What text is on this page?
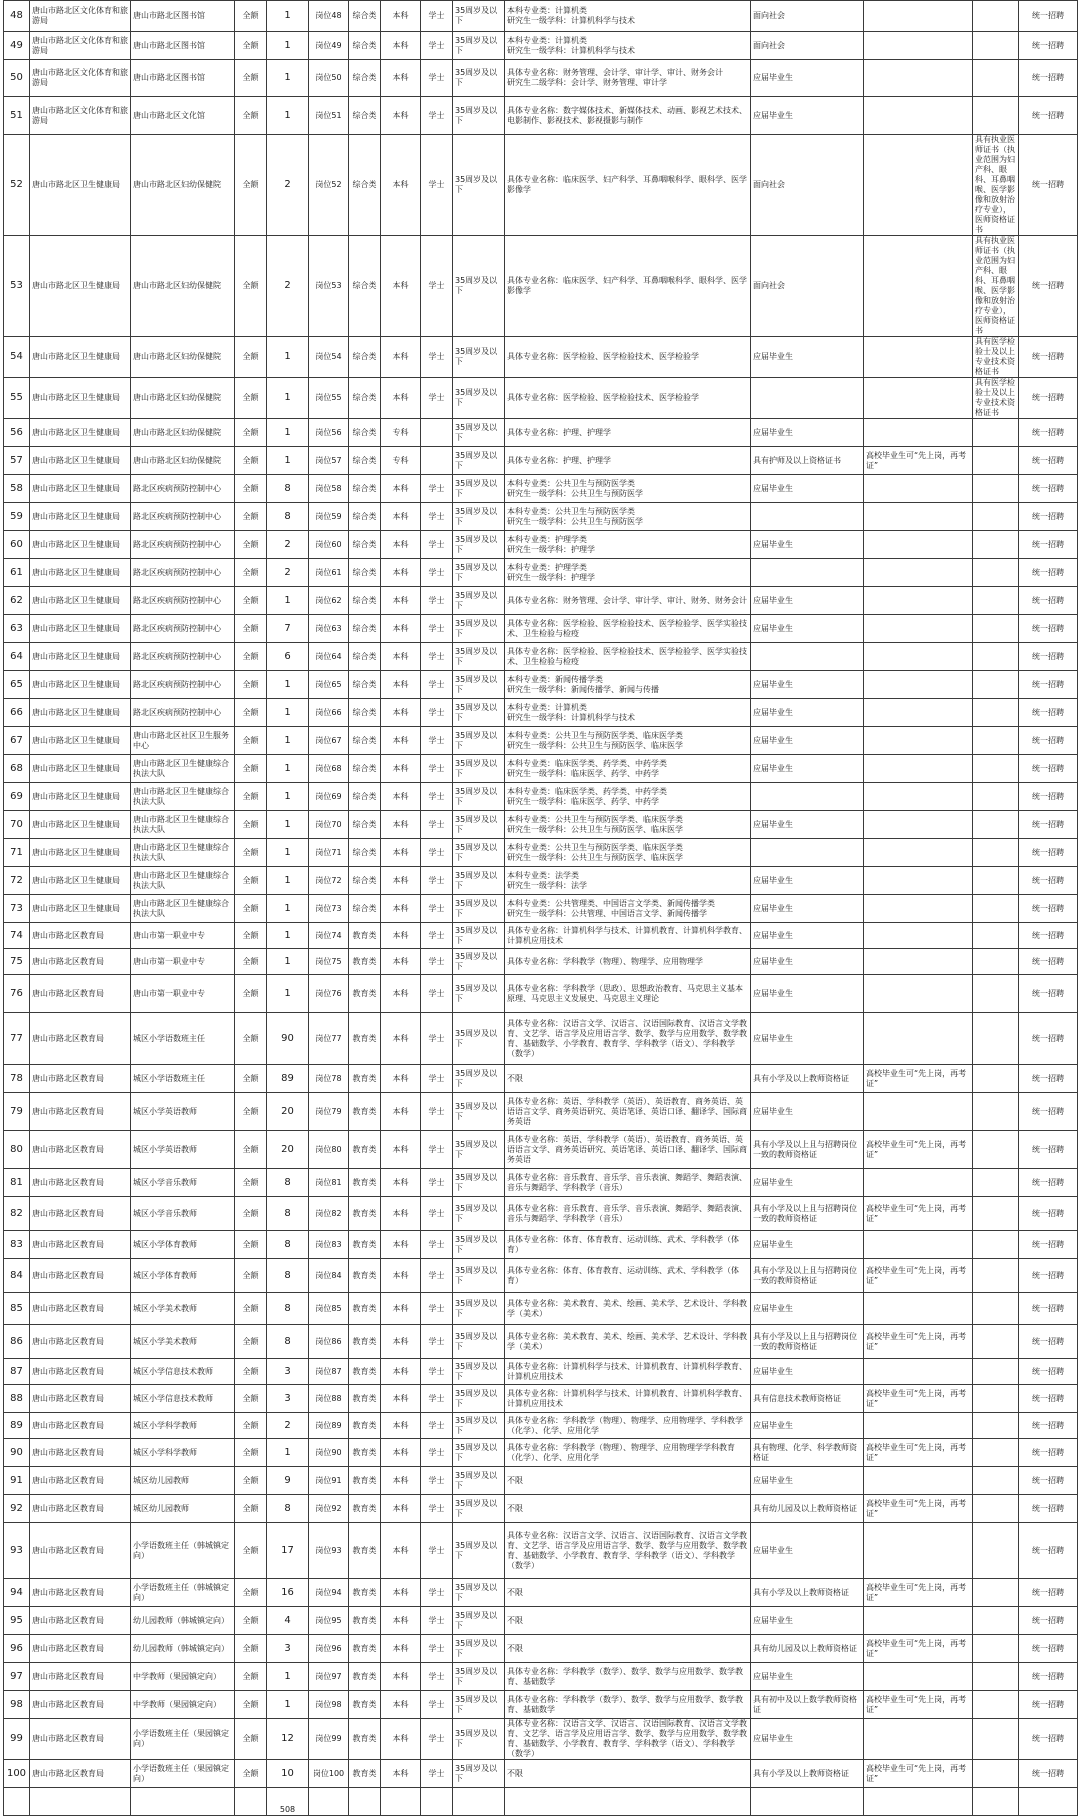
48	唐山市路北区文化体育和旅游局	唐山市路北区图书馆	全额	1	岗位48	综合类	本科	学士	35周岁及以下	本科专业类：计算机类
研究生一级学科：计算机科学与技术	面向社会			统一招聘
49	唐山市路北区文化体育和旅游局	唐山市路北区图书馆	全额	1	岗位49	综合类	本科	学士	35周岁及以下	本科专业类：计算机类
研究生一级学科：计算机科学与技术	面向社会			统一招聘
50	唐山市路北区文化体育和旅游局	唐山市路北区图书馆	全额	1	岗位50	综合类	本科	学士	35周岁及以下	具体专业名称：财务管理、会计学、审计学、审计、财务会计
研究生二级学科：会计学、财务管理、审计学	应届毕业生			统一招聘
51	唐山市路北区文化体育和旅游局	唐山市路北区文化馆	全额	1	岗位51	综合类	本科	学士	35周岁及以下	具体专业名称：数字媒体技术、新媒体技术、动画、影视艺术技术、电影制作、影视技术、影视摄影与制作	应届毕业生			统一招聘
52	唐山市路北区卫生健康局	唐山市路北区妇幼保健院	全额	2	岗位52	综合类	本科	学士	35周岁及以下	具体专业名称：临床医学、妇产科学、耳鼻咽喉科学、眼科学、医学影像学	面向社会		具有执业医师证书（执业范围为妇产科、眼科、耳鼻咽喉、医学影像和放射治疗专业），医师资格证书	统一招聘
53	唐山市路北区卫生健康局	唐山市路北区妇幼保健院	全额	2	岗位53	综合类	本科	学士	35周岁及以下	具体专业名称：临床医学、妇产科学、耳鼻咽喉科学、眼科学、医学影像学	面向社会		具有执业医师证书（执业范围为妇产科、眼科、耳鼻咽喉、医学影像和放射治疗专业），医师资格证书	统一招聘
54	唐山市路北区卫生健康局	唐山市路北区妇幼保健院	全额	1	岗位54	综合类	本科	学士	35周岁及以下	具体专业名称：医学检验、医学检验技术、医学检验学	应届毕业生		具有医学检验士及以上专业技术资格证书	统一招聘
55	唐山市路北区卫生健康局	唐山市路北区妇幼保健院	全额	1	岗位55	综合类	本科	学士	35周岁及以下	具体专业名称：医学检验、医学检验技术、医学检验学			具有医学检验士及以上专业技术资格证书	统一招聘
56	唐山市路北区卫生健康局	唐山市路北区妇幼保健院	全额	1	岗位56	综合类	专科		35周岁及以下	具体专业名称：护理、护理学	应届毕业生			统一招聘
57	唐山市路北区卫生健康局	唐山市路北区妇幼保健院	全额	1	岗位57	综合类	专科		35周岁及以下	具体专业名称：护理、护理学	具有护师及以上资格证书	高校毕业生可“先上岗，再考证”		统一招聘
58	唐山市路北区卫生健康局	路北区疾病预防控制中心	全额	8	岗位58	综合类	本科	学士	35周岁及以下	本科专业类：公共卫生与预防医学类
研究生一级学科：公共卫生与预防医学	应届毕业生			统一招聘
59	唐山市路北区卫生健康局	路北区疾病预防控制中心	全额	8	岗位59	综合类	本科	学士	35周岁及以下	本科专业类：公共卫生与预防医学类
研究生一级学科：公共卫生与预防医学				统一招聘
60	唐山市路北区卫生健康局	路北区疾病预防控制中心	全额	2	岗位60	综合类	本科	学士	35周岁及以下	本科专业类：护理学类
研究生一级学科：护理学	应届毕业生			统一招聘
61	唐山市路北区卫生健康局	路北区疾病预防控制中心	全额	2	岗位61	综合类	本科	学士	35周岁及以下	本科专业类：护理学类
研究生一级学科：护理学				统一招聘
62	唐山市路北区卫生健康局	路北区疾病预防控制中心	全额	1	岗位62	综合类	本科	学士	35周岁及以下	具体专业名称：财务管理、会计学、审计学、审计、财务、财务会计	应届毕业生			统一招聘
63	唐山市路北区卫生健康局	路北区疾病预防控制中心	全额	7	岗位63	综合类	本科	学士	35周岁及以下	具体专业名称：医学检验、医学检验技术、医学检验学、医学实验技术、卫生检验与检疫	应届毕业生			统一招聘
64	唐山市路北区卫生健康局	路北区疾病预防控制中心	全额	6	岗位64	综合类	本科	学士	35周岁及以下	具体专业名称：医学检验、医学检验技术、医学检验学、医学实验技术、卫生检验与检疫				统一招聘
65	唐山市路北区卫生健康局	路北区疾病预防控制中心	全额	1	岗位65	综合类	本科	学士	35周岁及以下	本科专业类：新闻传播学类
研究生一级学科：新闻传播学、新闻与传播	应届毕业生			统一招聘
66	唐山市路北区卫生健康局	路北区疾病预防控制中心	全额	1	岗位66	综合类	本科	学士	35周岁及以下	本科专业类：计算机类
研究生一级学科：计算机科学与技术	应届毕业生			统一招聘
67	唐山市路北区卫生健康局	唐山市路北区社区卫生服务中心	全额	1	岗位67	综合类	本科	学士	35周岁及以下	本科专业类：公共卫生与预防医学类、临床医学类
研究生一级学科：公共卫生与预防医学、临床医学	应届毕业生			统一招聘
68	唐山市路北区卫生健康局	唐山市路北区卫生健康综合执法大队	全额	1	岗位68	综合类	本科	学士	35周岁及以下	本科专业类：临床医学类、药学类、中药学类
研究生一级学科：临床医学、药学、中药学	应届毕业生			统一招聘
69	唐山市路北区卫生健康局	唐山市路北区卫生健康综合执法大队	全额	1	岗位69	综合类	本科	学士	35周岁及以下	本科专业类：临床医学类、药学类、中药学类
研究生一级学科：临床医学、药学、中药学				统一招聘
70	唐山市路北区卫生健康局	唐山市路北区卫生健康综合执法大队	全额	1	岗位70	综合类	本科	学士	35周岁及以下	本科专业类：公共卫生与预防医学类、临床医学类
研究生一级学科：公共卫生与预防医学、临床医学	应届毕业生			统一招聘
71	唐山市路北区卫生健康局	唐山市路北区卫生健康综合执法大队	全额	1	岗位71	综合类	本科	学士	35周岁及以下	本科专业类：公共卫生与预防医学类、临床医学类
研究生一级学科：公共卫生与预防医学、临床医学				统一招聘
72	唐山市路北区卫生健康局	唐山市路北区卫生健康综合执法大队	全额	1	岗位72	综合类	本科	学士	35周岁及以下	本科专业类：法学类
研究生一级学科：法学	应届毕业生			统一招聘
73	唐山市路北区卫生健康局	唐山市路北区卫生健康综合执法大队	全额	1	岗位73	综合类	本科	学士	35周岁及以下	本科专业类：公共管理类、中国语言文学类、新闻传播学类
研究生一级学科：公共管理、中国语言文学、新闻传播学	应届毕业生			统一招聘
74	唐山市路北区教育局	唐山市第一职业中专	全额	1	岗位74	教育类	本科	学士	35周岁及以下	具体专业名称：计算机科学与技术、计算机教育、计算机科学教育、计算机应用技术	应届毕业生			统一招聘
75	唐山市路北区教育局	唐山市第一职业中专	全额	1	岗位75	教育类	本科	学士	35周岁及以下	具体专业名称：学科教学（物理）、物理学、应用物理学	应届毕业生			统一招聘
76	唐山市路北区教育局	唐山市第一职业中专	全额	1	岗位76	教育类	本科	学士	35周岁及以下	具体专业名称：学科教学（思政）、思想政治教育、马克思主义基本原理、马克思主义发展史、马克思主义理论	应届毕业生			统一招聘
77	唐山市路北区教育局	城区小学语数班主任	全额	90	岗位77	教育类	本科	学士	35周岁及以下	具体专业名称：汉语言文学、汉语言、汉语国际教育、汉语言文学教育、文艺学、语言学及应用语言学、数学、数学与应用数学、数学教育、基础数学、小学教育、教育学、学科教学（语文）、学科教学（数学）	应届毕业生			统一招聘
78	唐山市路北区教育局	城区小学语数班主任	全额	89	岗位78	教育类	本科	学士	35周岁及以下	不限	具有小学及以上教师资格证	高校毕业生可“先上岗，再考证”		统一招聘
79	唐山市路北区教育局	城区小学英语教师	全额	20	岗位79	教育类	本科	学士	35周岁及以下	具体专业名称：英语、学科教学（英语）、英语教育、商务英语、英语语言文学、商务英语研究、英语笔译、英语口译、翻译学、国际商务英语	应届毕业生			统一招聘
80	唐山市路北区教育局	城区小学英语教师	全额	20	岗位80	教育类	本科	学士	35周岁及以下	具体专业名称：英语、学科教学（英语）、英语教育、商务英语、英语语言文学、商务英语研究、英语笔译、英语口译、翻译学、国际商务英语	具有小学及以上且与招聘岗位一致的教师资格证	高校毕业生可“先上岗，再考证”		统一招聘
81	唐山市路北区教育局	城区小学音乐教师	全额	8	岗位81	教育类	本科	学士	35周岁及以下	具体专业名称：音乐教育、音乐学、音乐表演、舞蹈学、舞蹈表演、音乐与舞蹈学、学科教学（音乐）	应届毕业生			统一招聘
82	唐山市路北区教育局	城区小学音乐教师	全额	8	岗位82	教育类	本科	学士	35周岁及以下	具体专业名称：音乐教育、音乐学、音乐表演、舞蹈学、舞蹈表演、音乐与舞蹈学、学科教学（音乐）	具有小学及以上且与招聘岗位一致的教师资格证	高校毕业生可“先上岗，再考证”		统一招聘
83	唐山市路北区教育局	城区小学体育教师	全额	8	岗位83	教育类	本科	学士	35周岁及以下	具体专业名称：体育、体育教育、运动训练、武术、学科教学（体育）	应届毕业生			统一招聘
84	唐山市路北区教育局	城区小学体育教师	全额	8	岗位84	教育类	本科	学士	35周岁及以下	具体专业名称：体育、体育教育、运动训练、武术、学科教学（体育）	具有小学及以上且与招聘岗位一致的教师资格证	高校毕业生可“先上岗，再考证”		统一招聘
85	唐山市路北区教育局	城区小学美术教师	全额	8	岗位85	教育类	本科	学士	35周岁及以下	具体专业名称：美术教育、美术、绘画、美术学、艺术设计、学科教学（美术）	应届毕业生			统一招聘
86	唐山市路北区教育局	城区小学美术教师	全额	8	岗位86	教育类	本科	学士	35周岁及以下	具体专业名称：美术教育、美术、绘画、美术学、艺术设计、学科教学（美术）	具有小学及以上且与招聘岗位一致的教师资格证	高校毕业生可“先上岗，再考证”		统一招聘
87	唐山市路北区教育局	城区小学信息技术教师	全额	3	岗位87	教育类	本科	学士	35周岁及以下	具体专业名称：计算机科学与技术、计算机教育、计算机科学教育、计算机应用技术	应届毕业生			统一招聘
88	唐山市路北区教育局	城区小学信息技术教师	全额	3	岗位88	教育类	本科	学士	35周岁及以下	具体专业名称：计算机科学与技术、计算机教育、计算机科学教育、计算机应用技术	具有信息技术教师资格证	高校毕业生可“先上岗，再考证”		统一招聘
89	唐山市路北区教育局	城区小学科学教师	全额	2	岗位89	教育类	本科	学士	35周岁及以下	具体专业名称：学科教学（物理）、物理学、应用物理学、学科教学（化学）、化学、应用化学	应届毕业生			统一招聘
90	唐山市路北区教育局	城区小学科学教师	全额	1	岗位90	教育类	本科	学士	35周岁及以下	具体专业名称：学科教学（物理）、物理学、应用物理学学科教育（化学）、化学、应用化学	具有物理、化学、科学教师资格证	高校毕业生可“先上岗，再考证”		统一招聘
91	唐山市路北区教育局	城区幼儿园教师	全额	9	岗位91	教育类	本科	学士	35周岁及以下	不限	应届毕业生			统一招聘
92	唐山市路北区教育局	城区幼儿园教师	全额	8	岗位92	教育类	本科	学士	35周岁及以下	不限	具有幼儿园及以上教师资格证	高校毕业生可“先上岗，再考证”		统一招聘
93	唐山市路北区教育局	小学语数班主任（韩城镇定向）	全额	17	岗位93	教育类	本科	学士	35周岁及以下	具体专业名称：汉语言文学、汉语言、汉语国际教育、汉语言文学教育、文艺学、语言学及应用语言学、数学、数学与应用数学、数学教育、基础数学、小学教育、教育学、学科教学（语文）、学科教学（数学）	应届毕业生			统一招聘
94	唐山市路北区教育局	小学语数班主任（韩城镇定向）	全额	16	岗位94	教育类	本科	学士	35周岁及以下	不限	具有小学及以上教师资格证	高校毕业生可“先上岗，再考证”		统一招聘
95	唐山市路北区教育局	幼儿园教师（韩城镇定向）	全额	4	岗位95	教育类	本科	学士	35周岁及以下	不限	应届毕业生			统一招聘
96	唐山市路北区教育局	幼儿园教师（韩城镇定向）	全额	3	岗位96	教育类	本科	学士	35周岁及以下	不限	具有幼儿园及以上教师资格证	高校毕业生可“先上岗，再考证”		统一招聘
97	唐山市路北区教育局	中学教师（果园镇定向）	全额	1	岗位97	教育类	本科	学士	35周岁及以下	具体专业名称：学科教学（数学）、数学、数学与应用数学、数学教育、基础数学	应届毕业生			统一招聘
98	唐山市路北区教育局	中学教师（果园镇定向）	全额	1	岗位98	教育类	本科	学士	35周岁及以下	具体专业名称：学科教学（数学）、数学、数学与应用数学、数学教育、基础数学	具有初中及以上数学教师资格证	高校毕业生可“先上岗，再考证”		统一招聘
99	唐山市路北区教育局	小学语数班主任（果园镇定向）	全额	12	岗位99	教育类	本科	学士	35周岁及以下	具体专业名称：汉语言文学、汉语言、汉语国际教育、汉语言文学教育、文艺学、语言学及应用语言学、数学、数学与应用数学、数学教育、基础数学、小学教育、教育学、学科教学（语文）、学科教学（数学）	应届毕业生			统一招聘
100	唐山市路北区教育局	小学语数班主任（果园镇定向）	全额	10	岗位100	教育类	本科	学士	35周岁及以下	不限	具有小学及以上教师资格证	高校毕业生可“先上岗，再考证”		统一招聘
				508										
